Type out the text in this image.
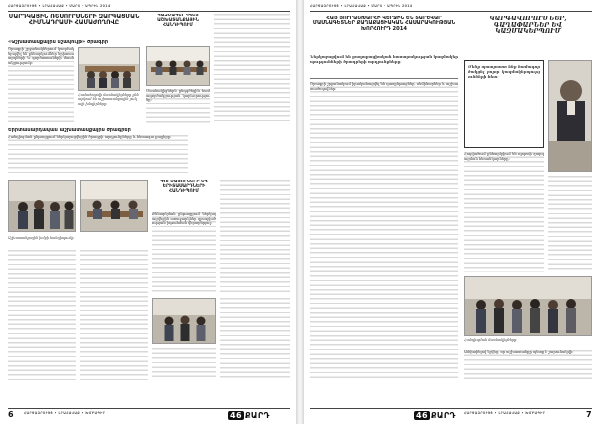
ՀԱՐՑԱԶՐՈՒՅՑ • ԼՐԱՀԱՎԱՔ • ՄԱՐՏ - ԱՊՐԻԼ 2014
ՄԱՐԴԿԱՅԻՆ ՌԵՍՈՒՐՍՆԵՐԻ ԶԱՐԳԱՑՄԱՆ ՀԻՄՆԱԴՐԱՄԻ ՀԱՄԱԺՈՂՈՎԸ
«Աշխատանքային մշակույթ» ծրագիր
Ծրագրի շրջանակներում կազմակերպվել են քննարկումներ երիտասարդների և գործատուների մասնակցությամբ։
Համաժողովի մասնակիցները քննարկում են աշխատանքային շուկայի խնդիրները։
Երիտասարդական աշխատանքային ծրագրեր
Հանդիպման ընթացքում ներկայացվեցին ծրագրի արդյունքները և հետագա քայլերը։
ԿԱԶՄԱԿԵՐՊՎԵՑ ԱՇԽԱՏԱՆՔԱՅԻՆ ՀԱՆԴԻՊՈՒՄ
Մասնակիցներն ընդգծեցին համագործակցության կարևորությունը։
ԳՈՐԾԱՏՈՒՆԵՐԻ ԵՎ ԵՐԻՏԱՍԱՐԴՆԵՐԻ ՀԱՆԴԻՊՈՒՄ
Քննարկման ընթացքում ներկայացվեցին առաջարկներ զբաղվածության խթանման վերաբերյալ։
Աշխատանքային խմբի հանդիպումը։
6	ՀԱՐՑԱԶՐՈՒՅՑ • ԼՐԱՀԱՎԱՔ • ԽՄԲԱԳԻՐ	46 ՔԱՐԴ
ՀԱՐՑԱԶՐՈՒՅՑ • ԼՐԱՀԱՎԱՔ • ՄԱՐՏ - ԱՊՐԻԼ 2014
ՀԱՅ ՅՈՒՐԱՇԽԱՐՀԻ ՎԵՐՋԻՆ ԵՆ ՏԱՐԵՎԱՐ ՄԱՍՆԱԳԵՏՆԵՐ ՔԱՂԱՔԱՑԻԱԿԱՆ ՀԱՍԱՐԱԿՈՒԹՅԱՆ ԽՈՐՀՈՒՐԴ 2014
Ներկայացվում են քաղաքացիական հասարակության կազմակերպությունների ծրագրերի արդյունքները։
Ծրագրի շրջանակում իրականացվել են դասընթացներ, սեմինարներ և աշխատաժողովներ։
ԿԱՐԳԱՎՈՐՈՒՄՆԵՐ, ԳԱՂԱՓԱՐՆԵՐ ԵՎ ԿԱԶՄԱԿԵՐՊՈՒՄ
Մենք պատրաստ ենք համագործակցել բոլոր կազմակերպությունների հետ։
Հոդվածում քննարկվում են ոլորտի զարգացման հեռանկարները։
Հանդիպման մասնակիցները։
Ամփոփելով նշվեց, որ աշխատանքը պետք է շարունակվի։
46 ՔԱՐԴ	ՀԱՐՑԱԶՐՈՒՅՑ • ԼՐԱՀԱՎԱՔ • ԽՄԲԱԳԻՐ	7
